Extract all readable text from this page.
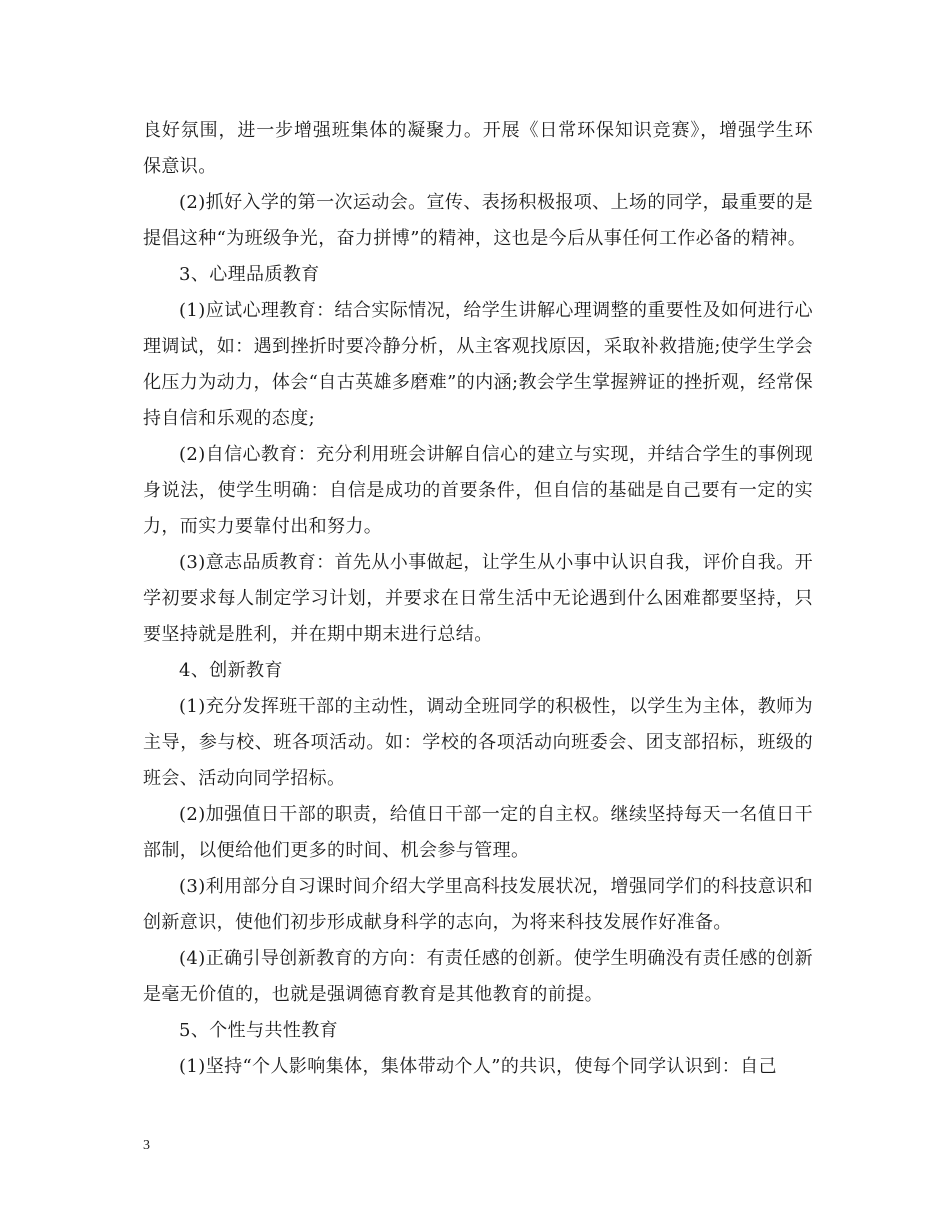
良好氛围，进一步增强班集体的凝聚力。开展《日常环保知识竞赛》，增强学生环保意识。

(2)抓好入学的第一次运动会。宣传、表扬积极报项、上场的同学，最重要的是提倡这种“为班级争光，奋力拼博”的精神，这也是今后从事任何工作必备的精神。

3、心理品质教育

(1)应试心理教育：结合实际情况，给学生讲解心理调整的重要性及如何进行心理调试，如：遇到挫折时要冷静分析，从主客观找原因，采取补救措施;使学生学会化压力为动力，体会“自古英雄多磨难”的内涵;教会学生掌握辨证的挫折观，经常保持自信和乐观的态度;

(2)自信心教育：充分利用班会讲解自信心的建立与实现，并结合学生的事例现身说法，使学生明确：自信是成功的首要条件，但自信的基础是自己要有一定的实力，而实力要靠付出和努力。

(3)意志品质教育：首先从小事做起，让学生从小事中认识自我，评价自我。开学初要求每人制定学习计划，并要求在日常生活中无论遇到什么困难都要坚持，只要坚持就是胜利，并在期中期末进行总结。

4、创新教育

(1)充分发挥班干部的主动性，调动全班同学的积极性，以学生为主体，教师为主导，参与校、班各项活动。如：学校的各项活动向班委会、团支部招标，班级的班会、活动向同学招标。

(2)加强值日干部的职责，给值日干部一定的自主权。继续坚持每天一名值日干部制，以便给他们更多的时间、机会参与管理。

(3)利用部分自习课时间介绍大学里高科技发展状况，增强同学们的科技意识和创新意识，使他们初步形成献身科学的志向，为将来科技发展作好准备。

(4)正确引导创新教育的方向：有责任感的创新。使学生明确没有责任感的创新是毫无价值的，也就是强调德育教育是其他教育的前提。

5、个性与共性教育

(1)坚持“个人影响集体，集体带动个人”的共识，使每个同学认识到：自己

3
